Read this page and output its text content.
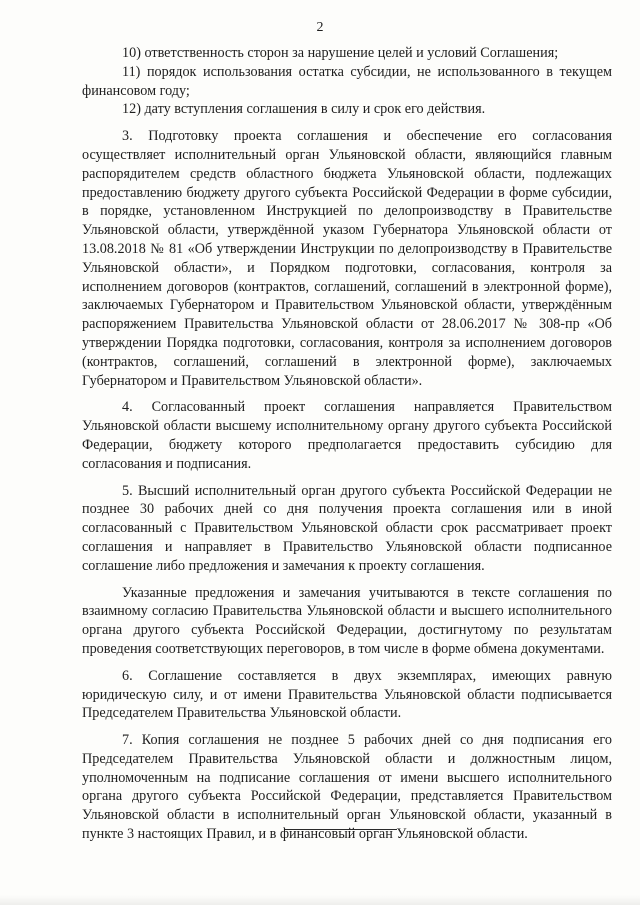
2

10) ответственность сторон за нарушение целей и условий Соглашения;

11) порядок использования остатка субсидии, не использованного в текущем финансовом году;

12) дату вступления соглашения в силу и срок его действия.

3. Подготовку проекта соглашения и обеспечение его согласования осуществляет исполнительный орган Ульяновской области, являющийся главным распорядителем средств областного бюджета Ульяновской области, подлежащих предоставлению бюджету другого субъекта Российской Федерации в форме субсидии, в порядке, установленном Инструкцией по делопроизводству в Правительстве Ульяновской области, утверждённой указом Губернатора Ульяновской области от 13.08.2018 № 81 «Об утверждении Инструкции по делопроизводству в Правительстве Ульяновской области», и Порядком подготовки, согласования, контроля за исполнением договоров (контрактов, соглашений, соглашений в электронной форме), заключаемых Губернатором и Правительством Ульяновской области, утверждённым распоряжением Правительства Ульяновской области от 28.06.2017 № 308-пр «Об утверждении Порядка подготовки, согласования, контроля за исполнением договоров (контрактов, соглашений, соглашений в электронной форме), заключаемых Губернатором и Правительством Ульяновской области».

4. Согласованный проект соглашения направляется Правительством Ульяновской области высшему исполнительному органу другого субъекта Российской Федерации, бюджету которого предполагается предоставить субсидию для согласования и подписания.

5. Высший исполнительный орган другого субъекта Российской Федерации не позднее 30 рабочих дней со дня получения проекта соглашения или в иной согласованный с Правительством Ульяновской области срок рассматривает проект соглашения и направляет в Правительство Ульяновской области подписанное соглашение либо предложения и замечания к проекту соглашения.

Указанные предложения и замечания учитываются в тексте соглашения по взаимному согласию Правительства Ульяновской области и высшего исполнительного органа другого субъекта Российской Федерации, достигнутому по результатам проведения соответствующих переговоров, в том числе в форме обмена документами.

6. Соглашение составляется в двух экземплярах, имеющих равную юридическую силу, и от имени Правительства Ульяновской области подписывается Председателем Правительства Ульяновской области.

7. Копия соглашения не позднее 5 рабочих дней со дня подписания его Председателем Правительства Ульяновской области и должностным лицом, уполномоченным на подписание соглашения от имени высшего исполнительного органа другого субъекта Российской Федерации, представляется Правительством Ульяновской области в исполнительный орган Ульяновской области, указанный в пункте 3 настоящих Правил, и в финансовый орган Ульяновской области.
